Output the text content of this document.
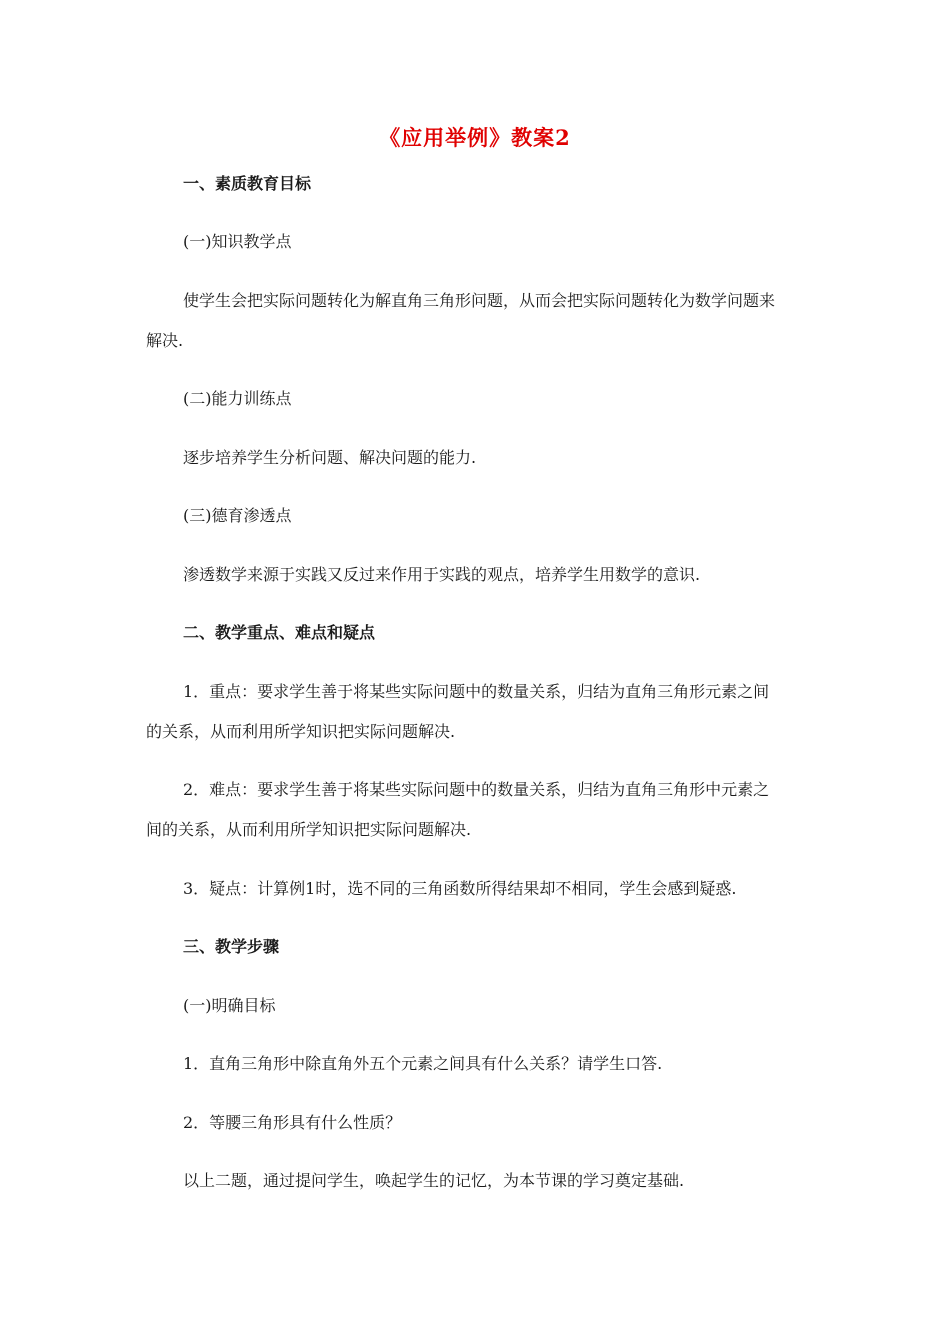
《应用举例》教案2
一、素质教育目标
(一)知识教学点
使学生会把实际问题转化为解直角三角形问题，从而会把实际问题转化为数学问题来
解决.
(二)能力训练点
逐步培养学生分析问题、解决问题的能力.
(三)德育渗透点
渗透数学来源于实践又反过来作用于实践的观点，培养学生用数学的意识.
二、教学重点、难点和疑点
1．重点：要求学生善于将某些实际问题中的数量关系，归结为直角三角形元素之间
的关系，从而利用所学知识把实际问题解决.
2．难点：要求学生善于将某些实际问题中的数量关系，归结为直角三角形中元素之
间的关系，从而利用所学知识把实际问题解决.
3．疑点：计算例1时，选不同的三角函数所得结果却不相同，学生会感到疑惑.
三、教学步骤
(一)明确目标
1．直角三角形中除直角外五个元素之间具有什么关系？请学生口答.
2．等腰三角形具有什么性质？
以上二题，通过提问学生，唤起学生的记忆，为本节课的学习奠定基础.
